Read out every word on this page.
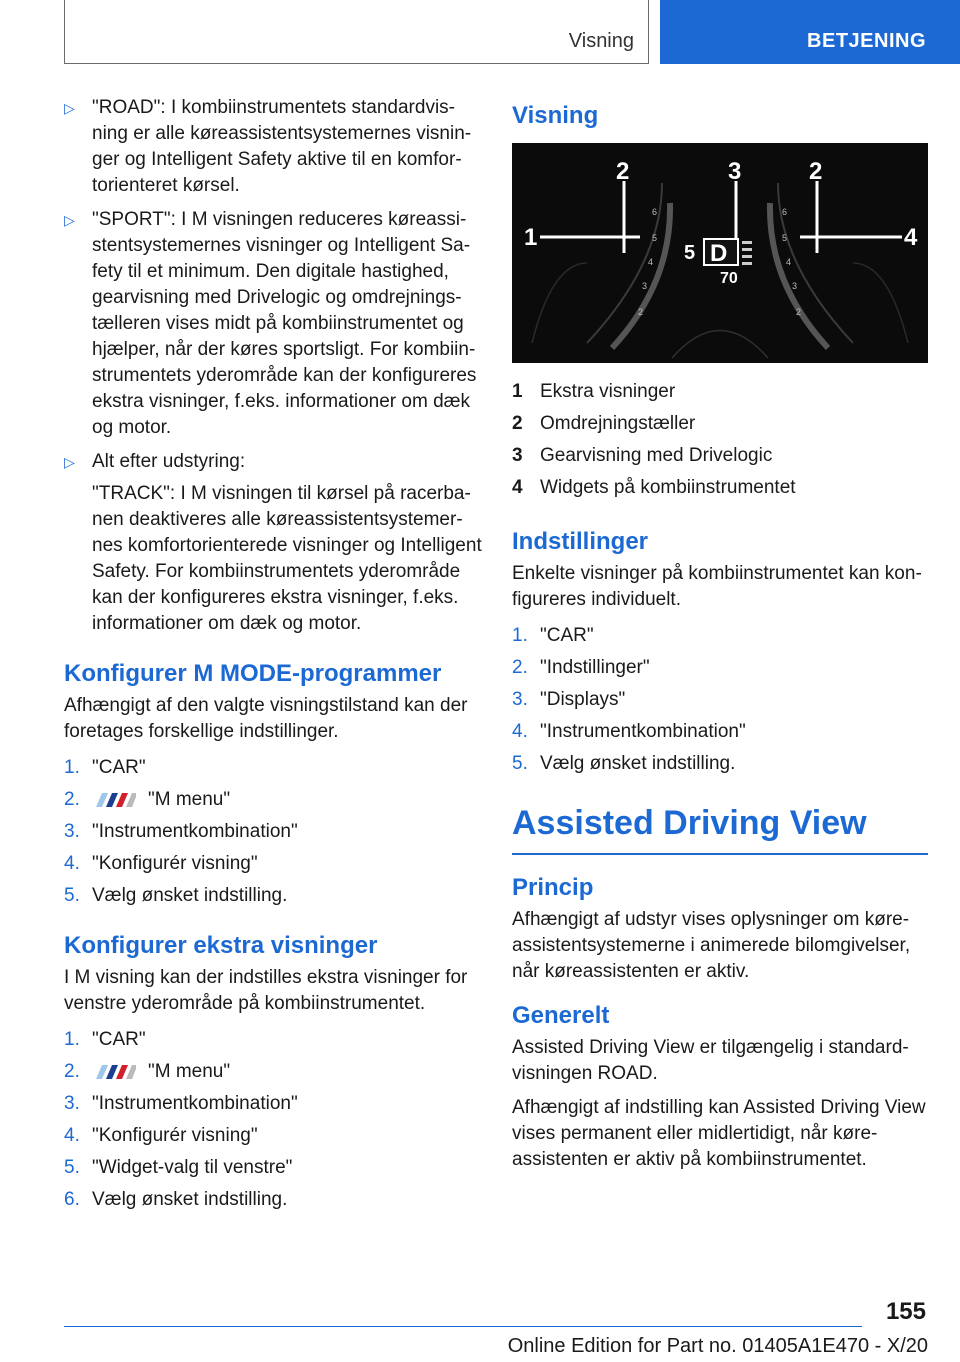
Visning	BETJENING
▷ "ROAD": I kombiinstrumentets standardvisning er alle køreassistentsystemernes visninger og Intelligent Safety aktive til en komfortorienteret kørsel.

▷ "SPORT": I M visningen reduceres køreassistentsystemernes visninger og Intelligent Safety til et minimum. Den digitale hastighed, gearvisning med Drivelogic og omdrejningstælleren vises midt på kombiinstrumentet og hjælper, når der køres sportsligt. For kombiinstrumentets yderområde kan der konfigureres ekstra visninger, f.eks. informationer om dæk og motor.

▷ Alt efter udstyring:

"TRACK": I M visningen til kørsel på racerbanen deaktiveres alle køreassistentsystemernes komfortorienterede visninger og Intelligent Safety. For kombiinstrumentets yderområde kan der konfigureres ekstra visninger, f.eks. informationer om dæk og motor.

Konfigurer M MODE-programmer

Afhængigt af den valgte visningstilstand kan der foretages forskellige indstillinger.

1. "CAR"
2.	"M menu"
3. "Instrumentkombination"
4. "Konfigurér visning"
5. Vælg ønsket indstilling.
Konfigurer ekstra visninger

I M visning kan der indstilles ekstra visninger for venstre yderområde på kombiinstrumentet.

1. "CAR"
2.	"M menu"
3. "Instrumentkombination"
4. "Konfigurér visning"
5. "Widget-valg til venstre"
6. Vælg ønsket indstilling.
Visning
1
2	3	2
4
6
5
4
3
2
6
5
4
3
2
5 D
70
1 Ekstra visninger
2 Omdrejningstæller
3 Gearvisning med Drivelogic
4 Widgets på kombiinstrumentet
Indstillinger

Enkelte visninger på kombiinstrumentet kan konfigureres individuelt.

1. "CAR"
2. "Indstillinger"
3. "Displays"
4. "Instrumentkombination"
5. Vælg ønsket indstilling.
Assisted Driving View
Princip

Afhængigt af udstyr vises oplysninger om køreassistentsystemerne i animerede bilomgivelser, når køreassistenten er aktiv.

Generelt

Assisted Driving View er tilgængelig i standardvisningen ROAD.

Afhængigt af indstilling kan Assisted Driving View vises permanent eller midlertidigt, når køreassistenten er aktiv på kombiinstrumentet.

155
Online Edition for Part no. 01405A1E470 - X/20
